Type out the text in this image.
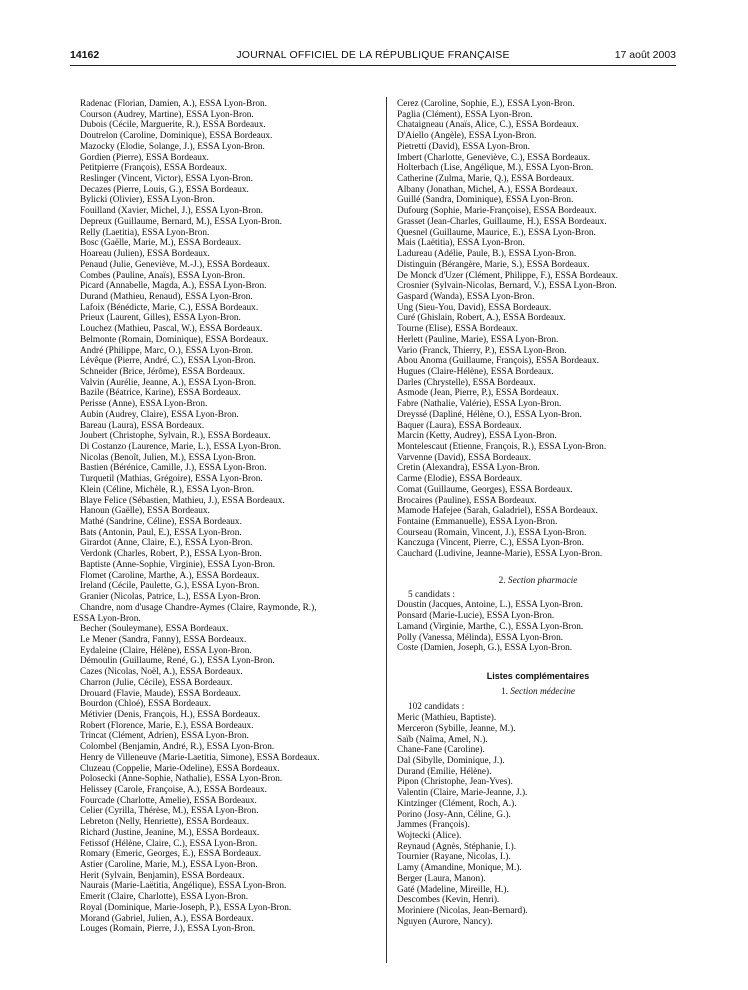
14162	JOURNAL OFFICIEL DE LA RÉPUBLIQUE FRANÇAISE	17 août 2003
Radenac (Florian, Damien, A.), ESSA Lyon-Bron.
Courson (Audrey, Martine), ESSA Lyon-Bron.
Dubois (Cécile, Marguerite, R.), ESSA Bordeaux.
Doutrelon (Caroline, Dominique), ESSA Bordeaux.
Mazocky (Elodie, Solange, J.), ESSA Lyon-Bron.
Gordien (Pierre), ESSA Bordeaux.
Petitpierre (François), ESSA Bordeaux.
Reslinger (Vincent, Victor), ESSA Lyon-Bron.
Decazes (Pierre, Louis, G.), ESSA Bordeaux.
Bylicki (Olivier), ESSA Lyon-Bron.
Fouilland (Xavier, Michel, J.), ESSA Lyon-Bron.
Depreux (Guillaume, Bernard, M.), ESSA Lyon-Bron.
Relly (Laetitia), ESSA Lyon-Bron.
Bosc (Gaëlle, Marie, M.), ESSA Bordeaux.
Hoareau (Julien), ESSA Bordeaux.
Penaud (Julie, Geneviève, M.-J.), ESSA Bordeaux.
Combes (Pauline, Anaïs), ESSA Lyon-Bron.
Picard (Annabelle, Magda, A.), ESSA Lyon-Bron.
Durand (Mathieu, Renaud), ESSA Lyon-Bron.
Lafoix (Bénédicte, Marie, C.), ESSA Bordeaux.
Prieux (Laurent, Gilles), ESSA Lyon-Bron.
Louchez (Mathieu, Pascal, W.), ESSA Bordeaux.
Belmonte (Romain, Dominique), ESSA Bordeaux.
André (Philippe, Marc, O.), ESSA Lyon-Bron.
Lévêque (Pierre, André, C.), ESSA Lyon-Bron.
Schneider (Brice, Jérôme), ESSA Bordeaux.
Valvin (Aurélie, Jeanne, A.), ESSA Lyon-Bron.
Bazile (Béatrice, Karine), ESSA Bordeaux.
Perisse (Anne), ESSA Lyon-Bron.
Aubin (Audrey, Claire), ESSA Lyon-Bron.
Bareau (Laura), ESSA Bordeaux.
Joubert (Christophe, Sylvain, R.), ESSA Bordeaux.
Di Costanzo (Laurence, Marie, L.), ESSA Lyon-Bron.
Nicolas (Benoît, Julien, M.), ESSA Lyon-Bron.
Bastien (Bérénice, Camille, J.), ESSA Lyon-Bron.
Turquetil (Mathias, Grégoire), ESSA Lyon-Bron.
Klein (Céline, Michèle, R.), ESSA Lyon-Bron.
Blaye Felice (Sébastien, Mathieu, J.), ESSA Bordeaux.
Hanoun (Gaëlle), ESSA Bordeaux.
Mathé (Sandrine, Céline), ESSA Bordeaux.
Bats (Antonin, Paul, E.), ESSA Lyon-Bron.
Girardot (Anne, Claire, E.), ESSA Lyon-Bron.
Verdonk (Charles, Robert, P.), ESSA Lyon-Bron.
Baptiste (Anne-Sophie, Virginie), ESSA Lyon-Bron.
Flomet (Caroline, Marthe, A.), ESSA Bordeaux.
Ireland (Cécile, Paulette, G.), ESSA Lyon-Bron.
Granier (Nicolas, Patrice, L.), ESSA Lyon-Bron.
Chandre, nom d'usage Chandre-Aymes (Claire, Raymonde, R.),
ESSA Lyon-Bron.
Becher (Souleymane), ESSA Bordeaux.
Le Mener (Sandra, Fanny), ESSA Bordeaux.
Eydaleine (Claire, Hélène), ESSA Lyon-Bron.
Démoulin (Guillaume, René, G.), ESSA Lyon-Bron.
Cazes (Nicolas, Noël, A.), ESSA Bordeaux.
Charron (Julie, Cécile), ESSA Bordeaux.
Drouard (Flavie, Maude), ESSA Bordeaux.
Bourdon (Chloé), ESSA Bordeaux.
Métivier (Denis, François, H.), ESSA Bordeaux.
Robert (Florence, Marie, E.), ESSA Bordeaux.
Trincat (Clément, Adrien), ESSA Lyon-Bron.
Colombel (Benjamin, André, R.), ESSA Lyon-Bron.
Henry de Villeneuve (Marie-Laetitia, Simone), ESSA Bordeaux.
Cluzeau (Coppelie, Marie-Odeline), ESSA Bordeaux.
Polosecki (Anne-Sophie, Nathalie), ESSA Lyon-Bron.
Helissey (Carole, Françoise, A.), ESSA Bordeaux.
Fourcade (Charlotte, Amelie), ESSA Bordeaux.
Celier (Cyrilla, Thérèse, M.), ESSA Lyon-Bron.
Lebreton (Nelly, Henriette), ESSA Bordeaux.
Richard (Justine, Jeanine, M.), ESSA Bordeaux.
Fetissof (Hélène, Claire, C.), ESSA Lyon-Bron.
Romary (Emeric, Georges, E.), ESSA Bordeaux.
Astier (Caroline, Marie, M.), ESSA Lyon-Bron.
Herit (Sylvain, Benjamin), ESSA Bordeaux.
Naurais (Marie-Laëtitia, Angélique), ESSA Lyon-Bron.
Emerit (Claire, Charlotte), ESSA Lyon-Bron.
Royal (Dominique, Marie-Joseph, P.), ESSA Lyon-Bron.
Morand (Gabriel, Julien, A.), ESSA Bordeaux.
Louges (Romain, Pierre, J.), ESSA Lyon-Bron.
Cerez (Caroline, Sophie, E.), ESSA Lyon-Bron.
Paglia (Clément), ESSA Lyon-Bron.
Chataigneau (Anaïs, Alice, C.), ESSA Bordeaux.
D'Aiello (Angèle), ESSA Lyon-Bron.
Pietretti (David), ESSA Lyon-Bron.
Imbert (Charlotte, Geneviève, C.), ESSA Bordeaux.
Holterbach (Lise, Angélique, M.), ESSA Lyon-Bron.
Catherine (Zulma, Marie, Q.), ESSA Bordeaux.
Albany (Jonathan, Michel, A.), ESSA Bordeaux.
Guillé (Sandra, Dominique), ESSA Lyon-Bron.
Dufourg (Sophie, Marie-Françoise), ESSA Bordeaux.
Grasset (Jean-Charles, Guillaume, H.), ESSA Bordeaux.
Quesnel (Guillaume, Maurice, E.), ESSA Lyon-Bron.
Mais (Laëtitia), ESSA Lyon-Bron.
Ladureau (Adélie, Paule, B.), ESSA Lyon-Bron.
Distinguin (Bérangère, Marie, S.), ESSA Bordeaux.
De Monck d'Uzer (Clément, Philippe, F.), ESSA Bordeaux.
Crosnier (Sylvain-Nicolas, Bernard, V.), ESSA Lyon-Bron.
Gaspard (Wanda), ESSA Lyon-Bron.
Ung (Sieu-You, David), ESSA Bordeaux.
Curé (Ghislain, Robert, A.), ESSA Bordeaux.
Tourne (Elise), ESSA Bordeaux.
Herlett (Pauline, Marie), ESSA Lyon-Bron.
Vario (Franck, Thierry, P.), ESSA Lyon-Bron.
Abou Anoma (Guillaume, François), ESSA Bordeaux.
Hugues (Claire-Hélène), ESSA Bordeaux.
Darles (Chrystelle), ESSA Bordeaux.
Asmode (Jean, Pierre, P.), ESSA Bordeaux.
Fabre (Nathalie, Valérie), ESSA Lyon-Bron.
Dreyssé (Dapliné, Hélène, O.), ESSA Lyon-Bron.
Baquer (Laura), ESSA Bordeaux.
Marcin (Ketty, Audrey), ESSA Lyon-Bron.
Montelescaut (Etienne, François, R.), ESSA Lyon-Bron.
Varvenne (David), ESSA Bordeaux.
Cretin (Alexandra), ESSA Lyon-Bron.
Carme (Elodie), ESSA Bordeaux.
Comat (Guillaume, Georges), ESSA Bordeaux.
Brocaires (Pauline), ESSA Bordeaux.
Mamode Hafejee (Sarah, Galadriel), ESSA Bordeaux.
Fontaine (Emmanuelle), ESSA Lyon-Bron.
Courseau (Romain, Vincent, J.), ESSA Lyon-Bron.
Kanczuga (Vincent, Pierre, C.), ESSA Lyon-Bron.
Cauchard (Ludivine, Jeanne-Marie), ESSA Lyon-Bron.
2. Section pharmacie
5 candidats :
Doustin (Jacques, Antoine, L.), ESSA Lyon-Bron.
Ponsard (Marie-Lucie), ESSA Lyon-Bron.
Lamand (Virginie, Marthe, C.), ESSA Lyon-Bron.
Polly (Vanessa, Mélinda), ESSA Lyon-Bron.
Coste (Damien, Joseph, G.), ESSA Lyon-Bron.
Listes complémentaires
1. Section médecine
102 candidats :
Meric (Mathieu, Baptiste).
Merceron (Sybille, Jeanne, M.).
Saïb (Naïma, Amel, N.).
Chane-Fane (Caroline).
Dal (Sibylle, Dominique, J.).
Durand (Emilie, Hélène).
Pipon (Christophe, Jean-Yves).
Valentin (Claire, Marie-Jeanne, J.).
Kintzinger (Clément, Roch, A.).
Porino (Josy-Ann, Céline, G.).
Jammes (François).
Wojtecki (Alice).
Reynaud (Agnès, Stéphanie, I.).
Tournier (Rayane, Nicolas, I.).
Lamy (Amandine, Monique, M.).
Berger (Laura, Manon).
Gaté (Madeline, Mireille, H.).
Descombes (Kevin, Henri).
Moriniere (Nicolas, Jean-Bernard).
Nguyen (Aurore, Nancy).
